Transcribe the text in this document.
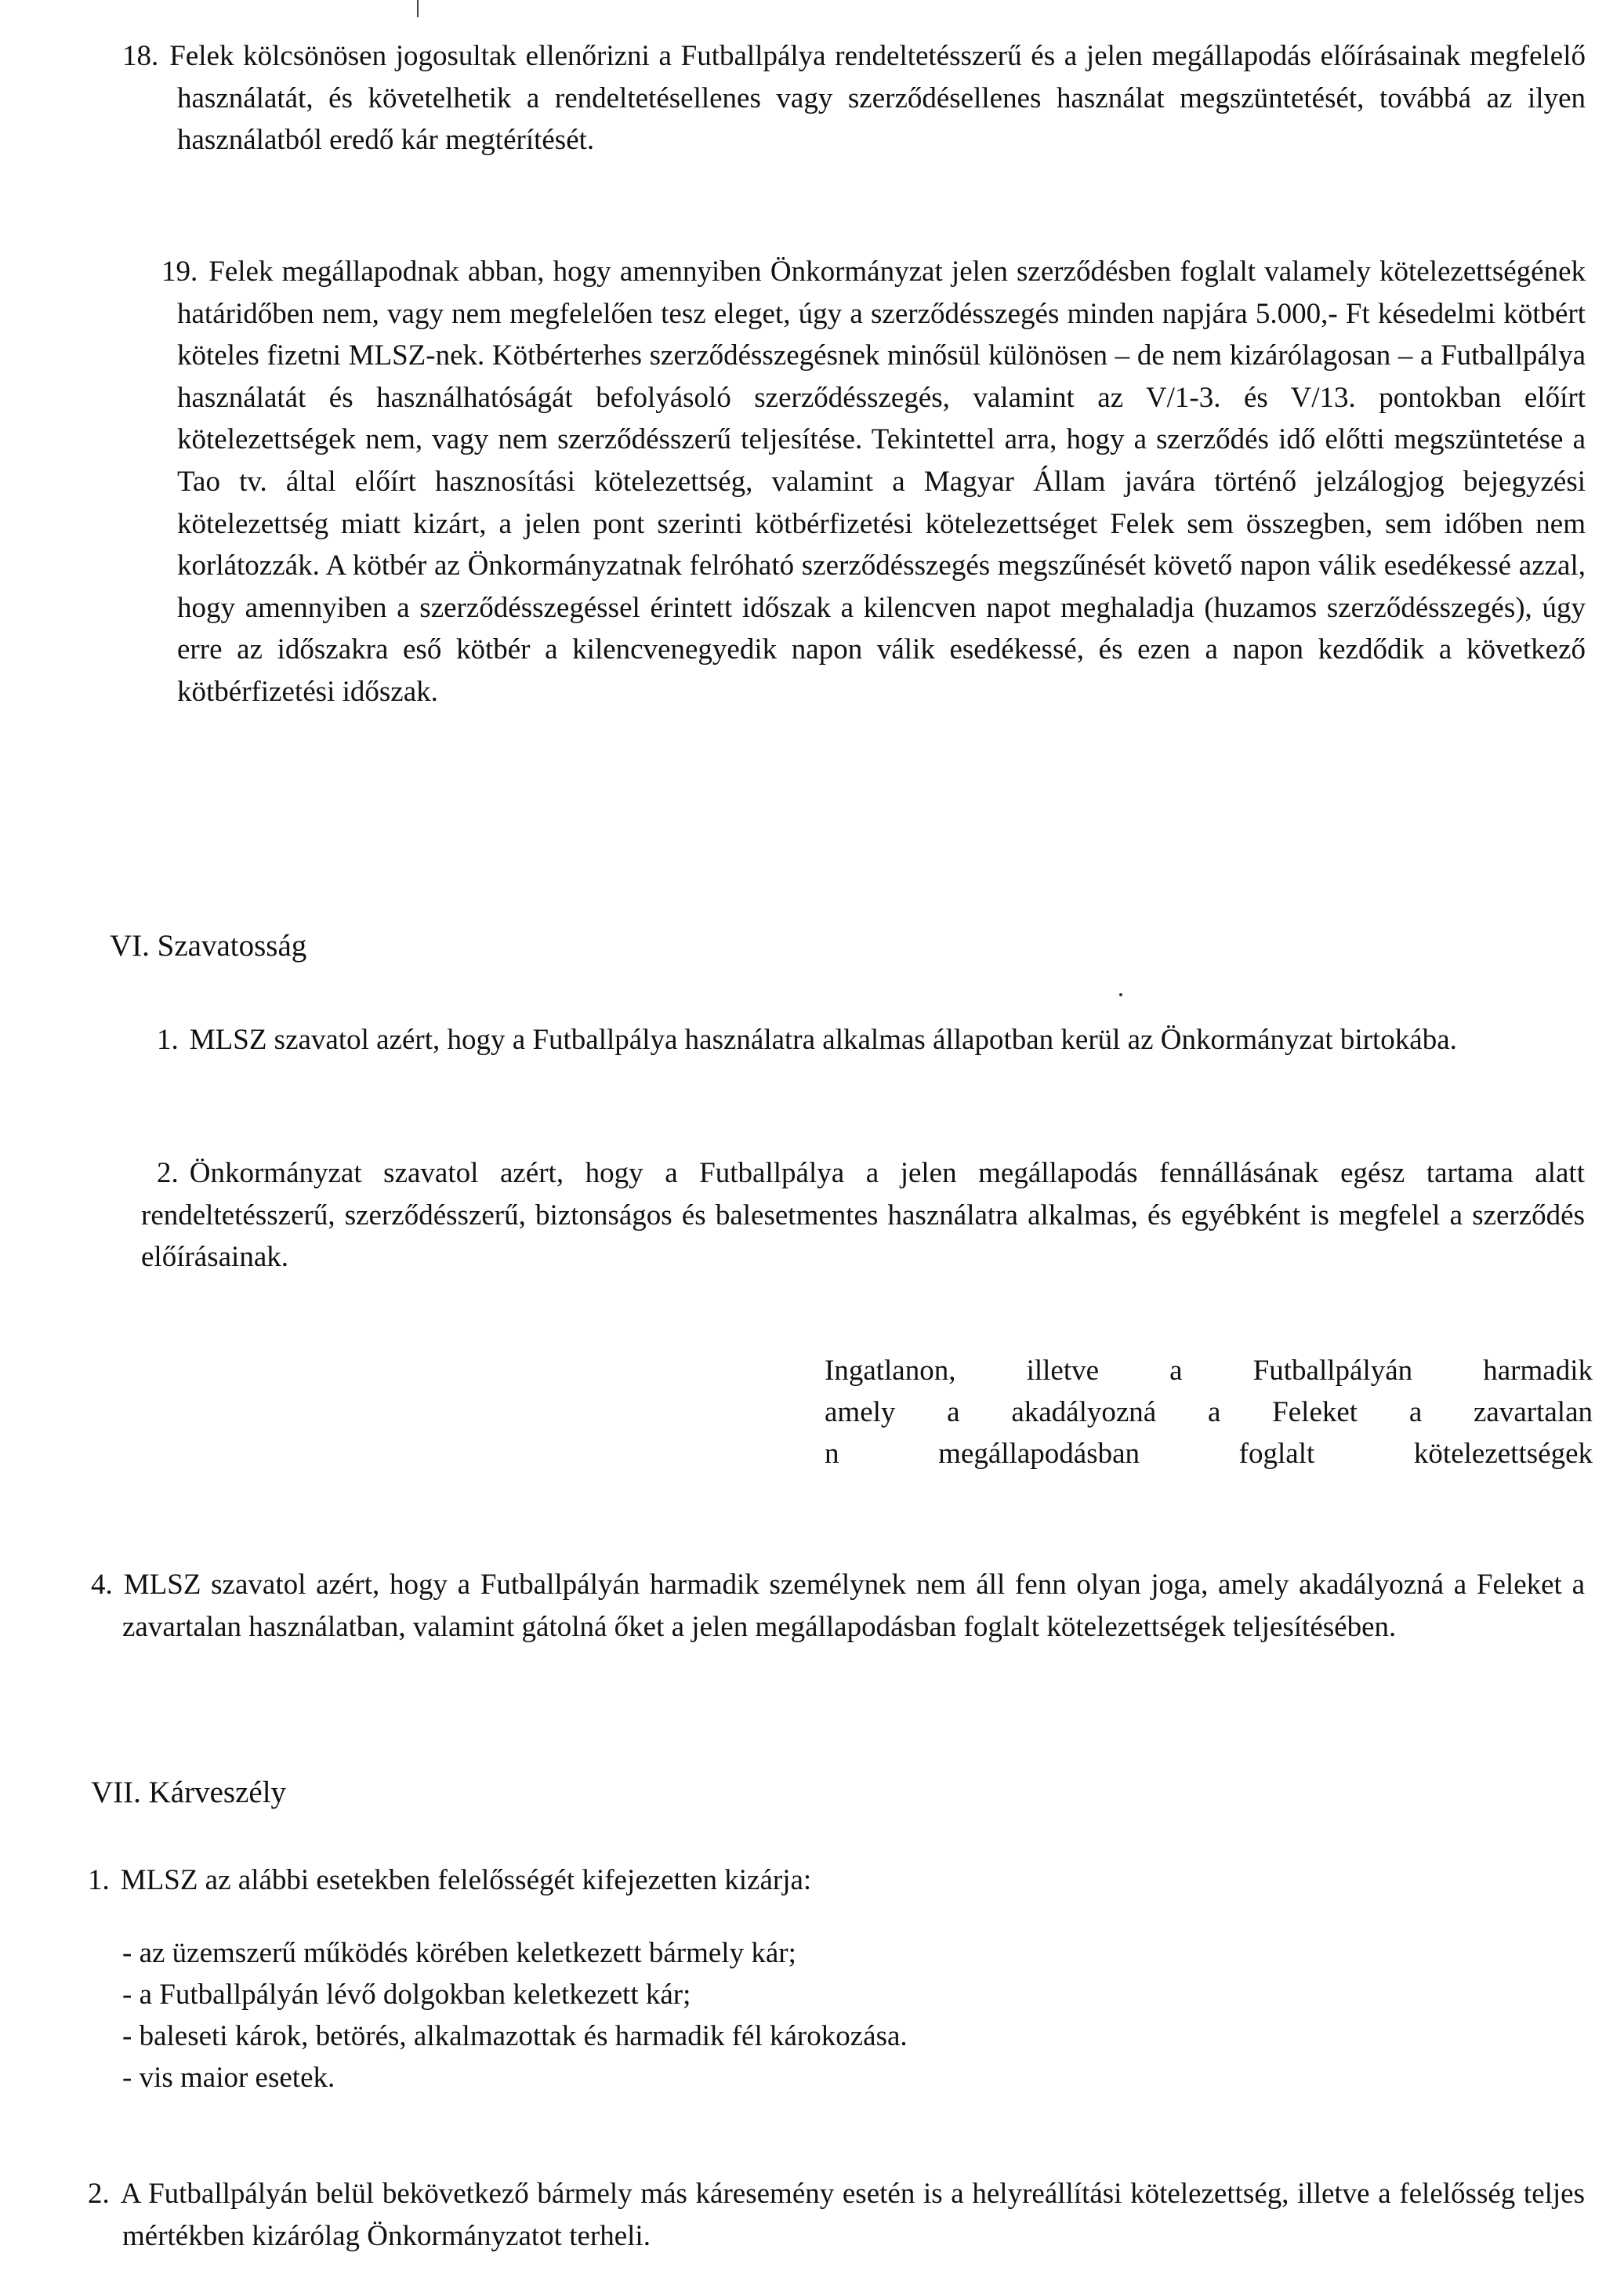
18. Felek kölcsönösen jogosultak ellenőrizni a Futballpálya rendeltetésszerű és a jelen megállapodás előírásainak megfelelő használatát, és követelhetik a rendeltetésellenes vagy szerződésellenes használat megszüntetését, továbbá az ilyen használatból eredő kár megtérítését.

19. Felek megállapodnak abban, hogy amennyiben Önkormányzat jelen szerződésben foglalt valamely kötelezettségének határidőben nem, vagy nem megfelelően tesz eleget, úgy a szerződésszegés minden napjára 5.000,- Ft késedelmi kötbért köteles fizetni MLSZ-nek. Kötbérterhes szerződésszegésnek minősül különösen – de nem kizárólagosan – a Futballpálya használatát és használhatóságát befolyásoló szerződésszegés, valamint az V/1-3. és V/13. pontokban előírt kötelezettségek nem, vagy nem szerződésszerű teljesítése. Tekintettel arra, hogy a szerződés idő előtti megszüntetése a Tao tv. által előírt hasznosítási kötelezettség, valamint a Magyar Állam javára történő jelzálogjog bejegyzési kötelezettség miatt kizárt, a jelen pont szerinti kötbérfizetési kötelezettséget Felek sem összegben, sem időben nem korlátozzák. A kötbér az Önkormányzatnak felróható szerződésszegés megszűnését követő napon válik esedékessé azzal, hogy amennyiben a szerződésszegéssel érintett időszak a kilencven napot meghaladja (huzamos szerződésszegés), úgy erre az időszakra eső kötbér a kilencvenegyedik napon válik esedékessé, és ezen a napon kezdődik a következő kötbérfizetési időszak.

VI. Szavatosság
1. MLSZ szavatol azért, hogy a Futballpálya használatra alkalmas állapotban kerül az Önkormányzat birtokába.

2. Önkormányzat szavatol azért, hogy a Futballpálya a jelen megállapodás fennállásának egész tartama alatt rendeltetésszerű, szerződésszerű, biztonságos és balesetmentes használatra alkalmas, és egyébként is megfelel a szerződés előírásainak.

Ingatlanon, illetve a Futballpályán harmadik
amely a akadályozná a Feleket a zavartalan
n megállapodásban foglalt kötelezettségek
4. MLSZ szavatol azért, hogy a Futballpályán harmadik személynek nem áll fenn olyan joga, amely akadályozná a Feleket a zavartalan használatban, valamint gátolná őket a jelen megállapodásban foglalt kötelezettségek teljesítésében.

VII. Kárveszély
1. MLSZ az alábbi esetekben felelősségét kifejezetten kizárja:

- az üzemszerű működés körében keletkezett bármely kár;
- a Futballpályán lévő dolgokban keletkezett kár;
- baleseti károk, betörés, alkalmazottak és harmadik fél károkozása.
- vis maior esetek.
2. A Futballpályán belül bekövetkező bármely más káresemény esetén is a helyreállítási kötelezettség, illetve a felelősség teljes mértékben kizárólag Önkormányzatot terheli.
